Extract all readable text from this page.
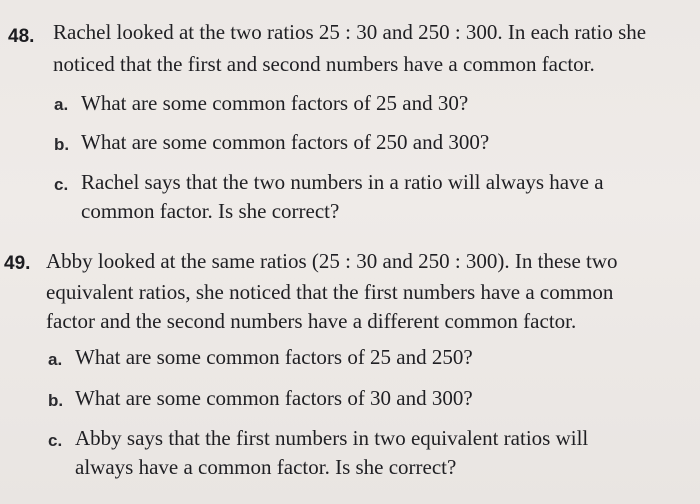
48. Rachel looked at the two ratios 25 : 30 and 250 : 300. In each ratio she
noticed that the first and second numbers have a common factor.
a. What are some common factors of 25 and 30?
b. What are some common factors of 250 and 300?
c. Rachel says that the two numbers in a ratio will always have a
common factor. Is she correct?
49. Abby looked at the same ratios (25 : 30 and 250 : 300). In these two
equivalent ratios, she noticed that the first numbers have a common
factor and the second numbers have a different common factor.
a. What are some common factors of 25 and 250?
b. What are some common factors of 30 and 300?
c. Abby says that the first numbers in two equivalent ratios will
always have a common factor. Is she correct?
